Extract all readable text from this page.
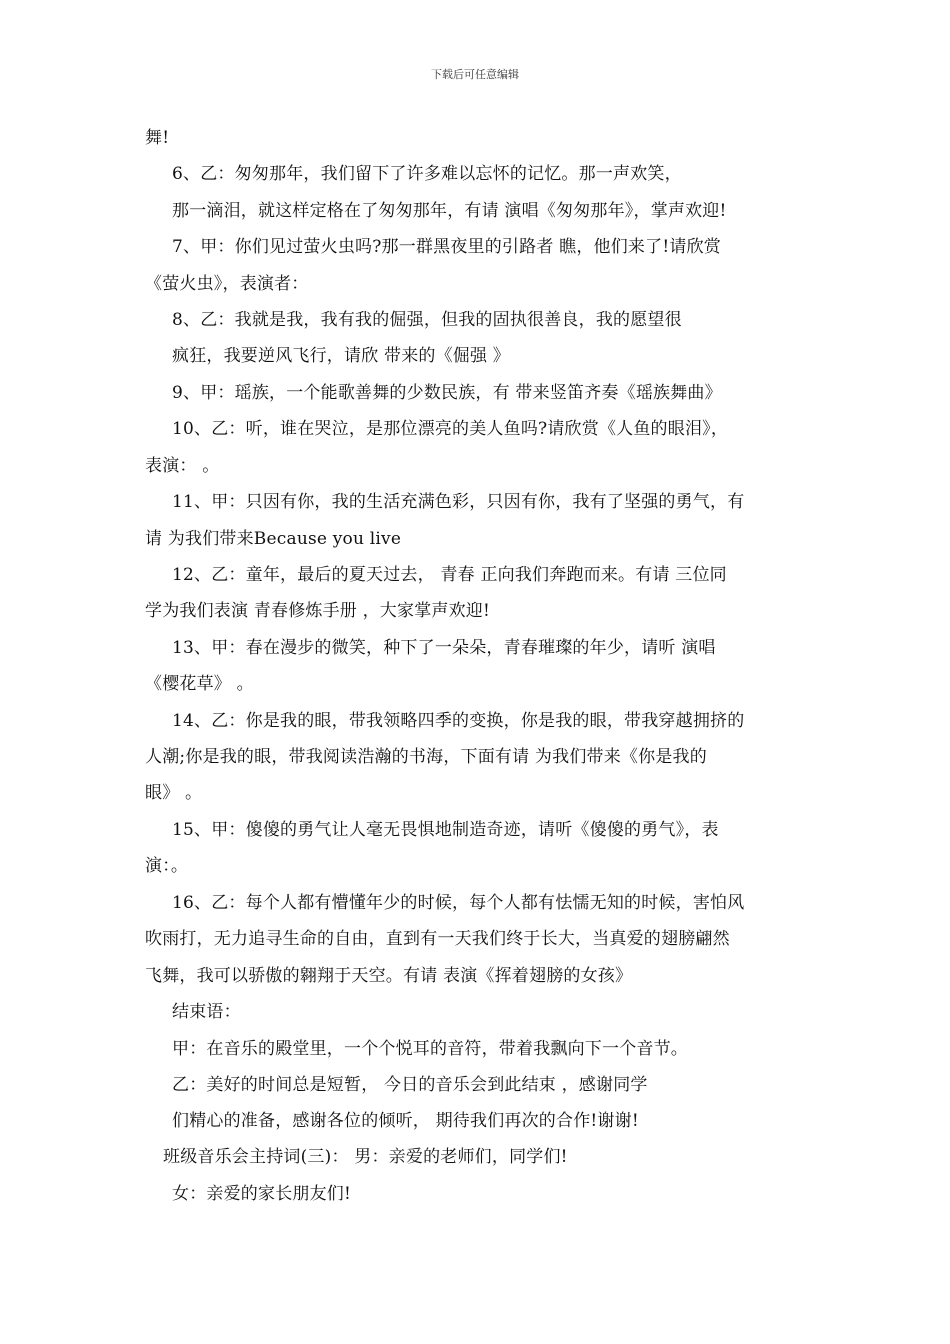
下载后可任意编辑
舞!
6、乙：匆匆那年，我们留下了许多难以忘怀的记忆。那一声欢笑，
那一滴泪，就这样定格在了匆匆那年，有请 演唱《匆匆那年》，掌声欢迎!
7、甲：你们见过萤火虫吗?那一群黑夜里的引路者 瞧，他们来了!请欣赏
《萤火虫》，表演者：
8、乙：我就是我，我有我的倔强，但我的固执很善良，我的愿望很
疯狂，我要逆风飞行，请欣 带来的《倔强 》
9、甲：瑶族，一个能歌善舞的少数民族，有 带来竖笛齐奏《瑶族舞曲》
10、乙：听，谁在哭泣，是那位漂亮的美人鱼吗?请欣赏《人鱼的眼泪》，
表演： 。
11、甲：只因有你，我的生活充满色彩，只因有你，我有了坚强的勇气，有
请 为我们带来Because you live
12、乙：童年，最后的夏天过去， 青春 正向我们奔跑而来。有请 三位同
学为我们表演 青春修炼手册 ，大家掌声欢迎!
13、甲：春在漫步的微笑，种下了一朵朵，青春璀璨的年少，请听 演唱
《樱花草》 。
14、乙：你是我的眼，带我领略四季的变换，你是我的眼，带我穿越拥挤的
人潮;你是我的眼，带我阅读浩瀚的书海，下面有请 为我们带来《你是我的
眼》 。
15、甲：傻傻的勇气让人毫无畏惧地制造奇迹，请听《傻傻的勇气》，表
演：。
16、乙：每个人都有懵懂年少的时候，每个人都有怯懦无知的时候，害怕风
吹雨打，无力追寻生命的自由，直到有一天我们终于长大，当真爱的翅膀翩然
飞舞，我可以骄傲的翱翔于天空。有请 表演《挥着翅膀的女孩》
结束语：
甲：在音乐的殿堂里，一个个悦耳的音符，带着我飘向下一个音节。
乙：美好的时间总是短暂， 今日的音乐会到此结束 ，感谢同学
们精心的准备，感谢各位的倾听， 期待我们再次的合作!谢谢!
班级音乐会主持词(三)： 男：亲爱的老师们，同学们!
女：亲爱的家长朋友们!
